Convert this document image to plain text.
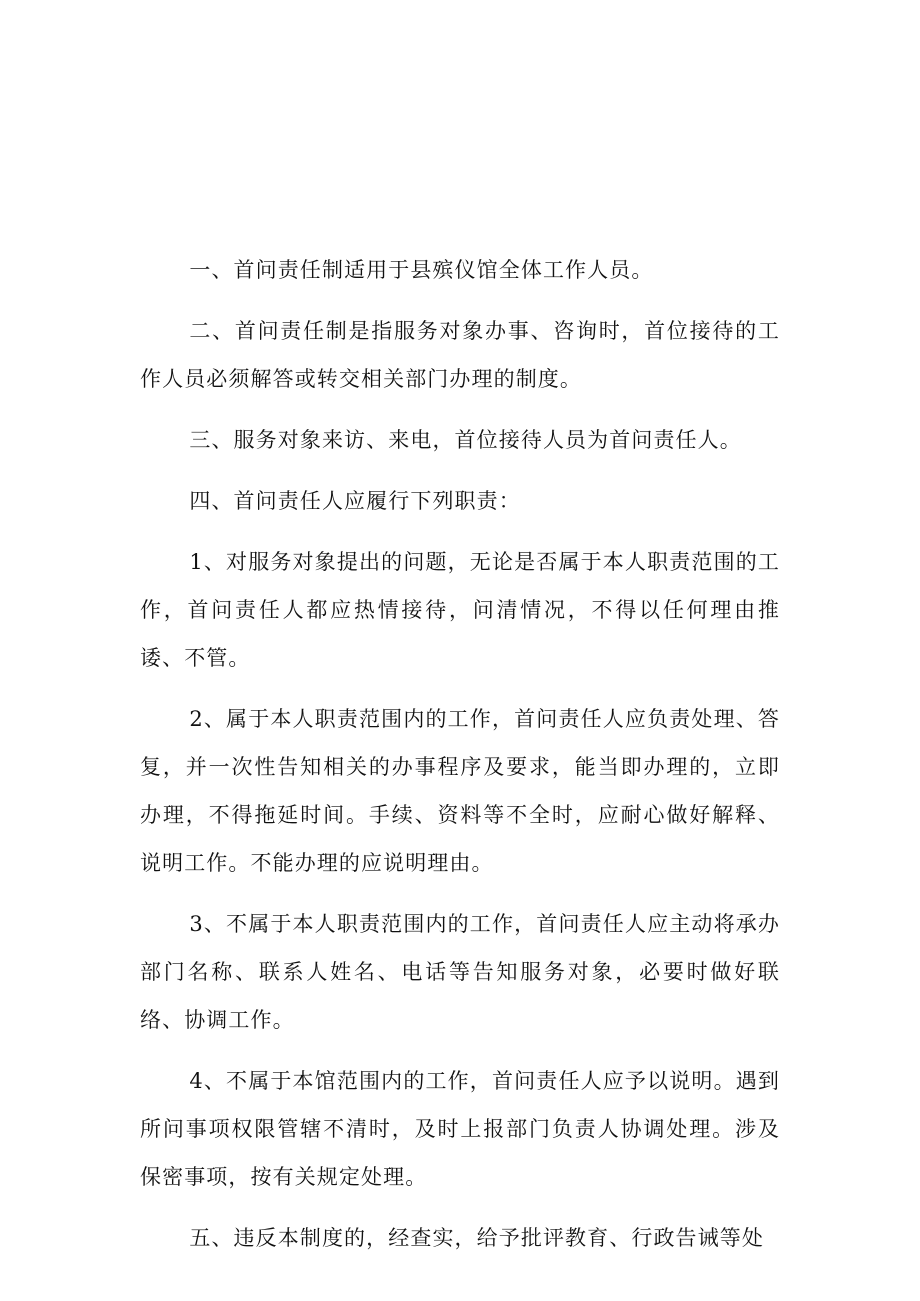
一、首问责任制适用于县殡仪馆全体工作人员。

二、首问责任制是指服务对象办事、咨询时，首位接待的工作人员必须解答或转交相关部门办理的制度。

三、服务对象来访、来电，首位接待人员为首问责任人。

四、首问责任人应履行下列职责：

1、对服务对象提出的问题，无论是否属于本人职责范围的工作，首问责任人都应热情接待，问清情况，不得以任何理由推诿、不管。

2、属于本人职责范围内的工作，首问责任人应负责处理、答复，并一次性告知相关的办事程序及要求，能当即办理的，立即办理，不得拖延时间。手续、资料等不全时，应耐心做好解释、说明工作。不能办理的应说明理由。

3、不属于本人职责范围内的工作，首问责任人应主动将承办部门名称、联系人姓名、电话等告知服务对象，必要时做好联络、协调工作。

4、不属于本馆范围内的工作，首问责任人应予以说明。遇到所问事项权限管辖不清时，及时上报部门负责人协调处理。涉及保密事项，按有关规定处理。

五、违反本制度的，经查实，给予批评教育、行政告诫等处
